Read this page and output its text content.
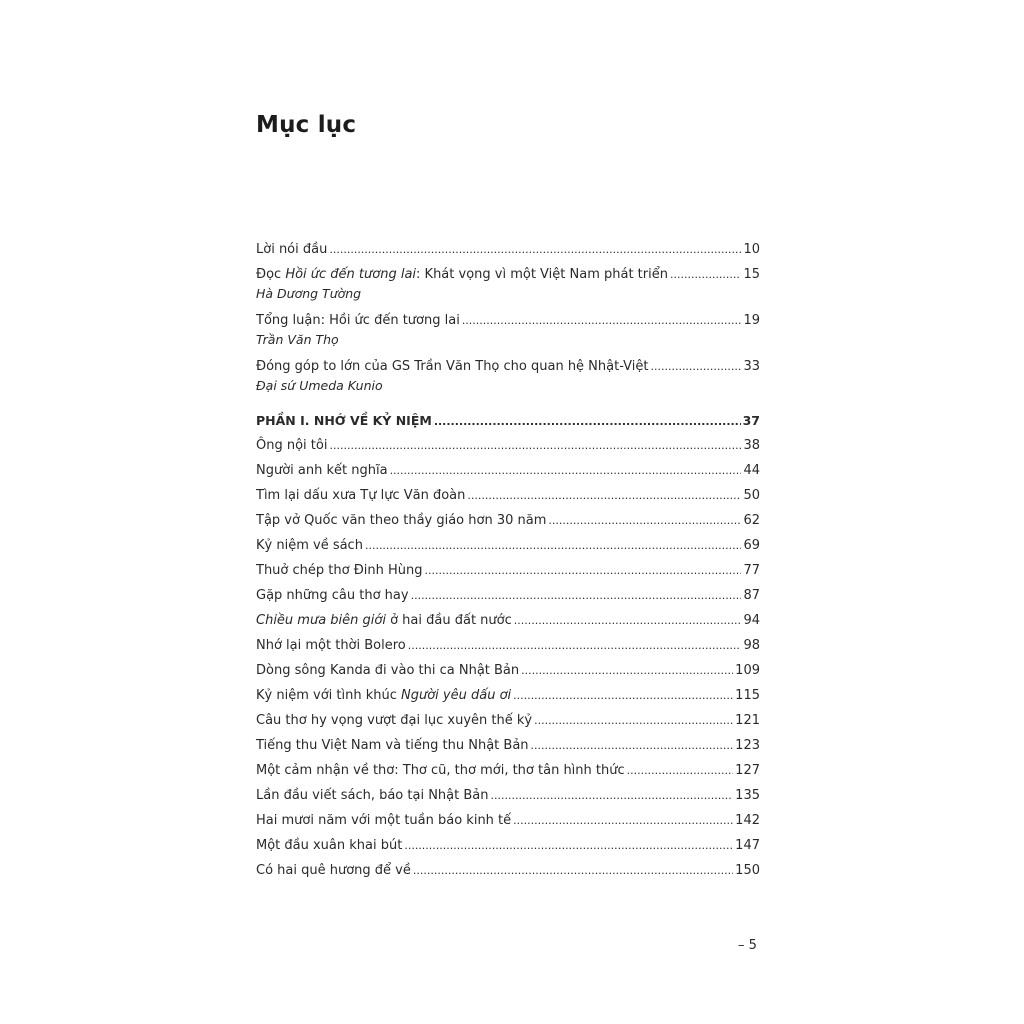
Mục lục
Lời nói đầu .....	10
Đọc Hồi ức đến tương lai: Khát vọng vì một Việt Nam phát triển .....	15
Hà Dương Tường
Tổng luận: Hồi ức đến tương lai .....	19
Trần Văn Thọ
Đóng góp to lớn của GS Trần Văn Thọ cho quan hệ Nhật-Việt .....	33
Đại sứ Umeda Kunio
PHẦN I. NHỚ VỀ KỶ NIỆM .....	37
Ông nội tôi .....	38
Người anh kết nghĩa .....	44
Tìm lại dấu xưa Tự lực Văn đoàn .....	50
Tập vở Quốc văn theo thầy giáo hơn 30 năm .....	62
Kỷ niệm về sách .....	69
Thuở chép thơ Đinh Hùng .....	77
Gặp những câu thơ hay .....	87
Chiều mưa biên giới ở hai đầu đất nước .....	94
Nhớ lại một thời Bolero .....	98
Dòng sông Kanda đi vào thi ca Nhật Bản .....	109
Kỷ niệm với tình khúc Người yêu dấu ơi .....	115
Câu thơ hy vọng vượt đại lục xuyên thế kỷ .....	121
Tiếng thu Việt Nam và tiếng thu Nhật Bản .....	123
Một cảm nhận về thơ: Thơ cũ, thơ mới, thơ tân hình thức .....	127
Lần đầu viết sách, báo tại Nhật Bản .....	135
Hai mươi năm với một tuần báo kinh tế .....	142
Một đầu xuân khai bút .....	147
Có hai quê hương để về .....	150
– 5
